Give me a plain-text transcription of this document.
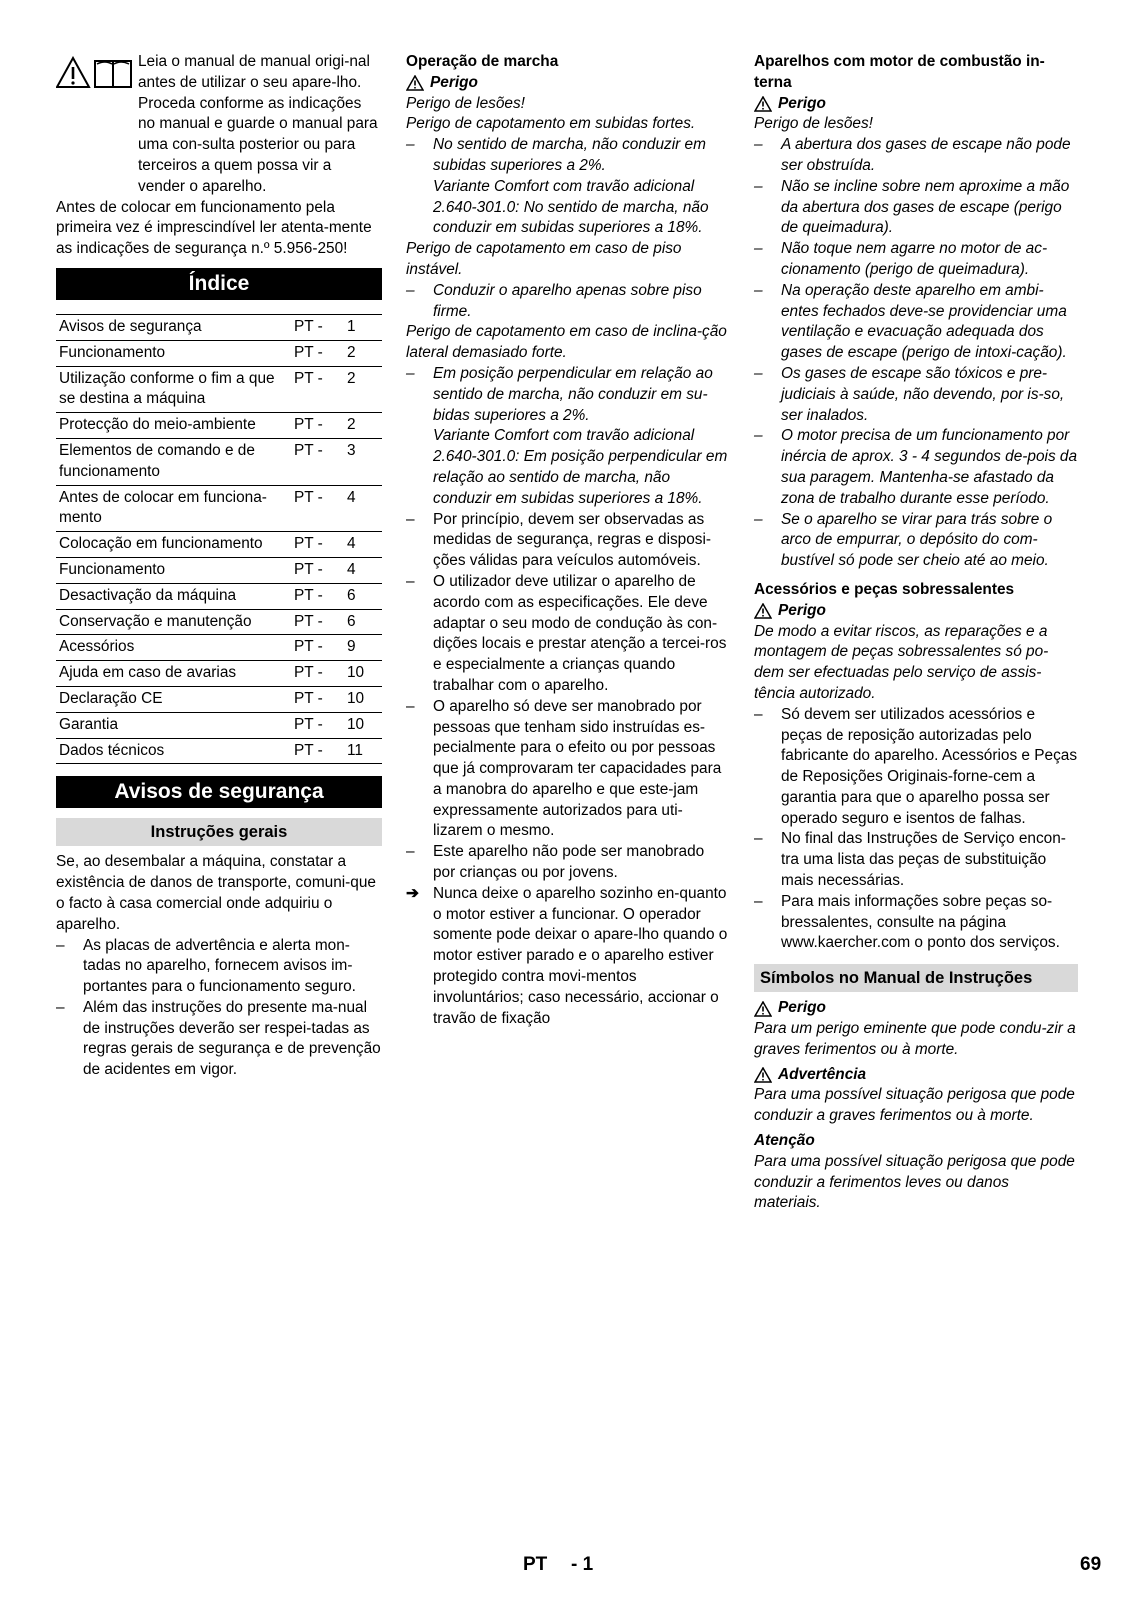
Leia o manual de manual origi-nal antes de utilizar o seu apare-lho. Proceda conforme as indicações no manual e guarde o manual para uma con-sulta posterior ou para terceiros a quem possa vir a vender o aparelho.

Antes de colocar em funcionamento pela primeira vez é imprescindível ler atenta-mente as indicações de segurança n.º 5.956-250!

Índice
Avisos de segurança	PT -	1
Funcionamento	PT -	2
Utilização conforme o fim a que se destina a máquina	PT -	2
Protecção do meio-ambiente	PT -	2
Elementos de comando e de funcionamento	PT -	3
Antes de colocar em funciona-mento	PT -	4
Colocação em funcionamento	PT -	4
Funcionamento	PT -	4
Desactivação da máquina	PT -	6
Conservação e manutenção	PT -	6
Acessórios	PT -	9
Ajuda em caso de avarias	PT -	10
Declaração CE	PT -	10
Garantia	PT -	10
Dados técnicos	PT -	11
Avisos de segurança
Instruções gerais

Se, ao desembalar a máquina, constatar a existência de danos de transporte, comuni-que o facto à casa comercial onde adquiriu o aparelho.

– As placas de advertência e alerta mon-tadas no aparelho, fornecem avisos im-portantes para o funcionamento seguro.

– Além das instruções do presente ma-nual de instruções deverão ser respei-tadas as regras gerais de segurança e de prevenção de acidentes em vigor.

Operação de marcha

Perigo

Perigo de lesões!

Perigo de capotamento em subidas fortes.

– No sentido de marcha, não conduzir em subidas superiores a 2%.

Variante Comfort com travão adicional 2.640-301.0: No sentido de marcha, não conduzir em subidas superiores a 18%.

Perigo de capotamento em caso de piso instável.

– Conduzir o aparelho apenas sobre piso firme.

Perigo de capotamento em caso de inclina-ção lateral demasiado forte.

– Em posição perpendicular em relação ao sentido de marcha, não conduzir em su-bidas superiores a 2%.

Variante Comfort com travão adicional 2.640-301.0: Em posição perpendicular em relação ao sentido de marcha, não conduzir em subidas superiores a 18%.

– Por princípio, devem ser observadas as medidas de segurança, regras e disposi-ções válidas para veículos automóveis.

– O utilizador deve utilizar o aparelho de acordo com as especificações. Ele deve adaptar o seu modo de condução às con-dições locais e prestar atenção a tercei-ros e especialmente a crianças quando trabalhar com o aparelho.

– O aparelho só deve ser manobrado por pessoas que tenham sido instruídas es-pecialmente para o efeito ou por pessoas que já comprovaram ter capacidades para a manobra do aparelho e que este-jam expressamente autorizados para uti-lizarem o mesmo.

– Este aparelho não pode ser manobrado por crianças ou por jovens.

➔ Nunca deixe o aparelho sozinho en-quanto o motor estiver a funcionar. O operador somente pode deixar o apare-lho quando o motor estiver parado e o aparelho estiver protegido contra movi-mentos involuntários; caso necessário, accionar o travão de fixação

Aparelhos com motor de combustão in-terna

Perigo

Perigo de lesões!

– A abertura dos gases de escape não pode ser obstruída.

– Não se incline sobre nem aproxime a mão da abertura dos gases de escape (perigo de queimadura).

– Não toque nem agarre no motor de ac-cionamento (perigo de queimadura).

– Na operação deste aparelho em ambi-entes fechados deve-se providenciar uma ventilação e evacuação adequada dos gases de escape (perigo de intoxi-cação).

– Os gases de escape são tóxicos e pre-judiciais à saúde, não devendo, por is-so, ser inalados.

– O motor precisa de um funcionamento por inércia de aprox. 3 - 4 segundos de-pois da sua paragem. Mantenha-se afastado da zona de trabalho durante esse período.

– Se o aparelho se virar para trás sobre o arco de empurrar, o depósito do com-bustível só pode ser cheio até ao meio.

Acessórios e peças sobressalentes

Perigo

De modo a evitar riscos, as reparações e a montagem de peças sobressalentes só po-dem ser efectuadas pelo serviço de assis-tência autorizado.

– Só devem ser utilizados acessórios e peças de reposição autorizadas pelo fabricante do aparelho. Acessórios e Peças de Reposições Originais-forne-cem a garantia para que o aparelho possa ser operado seguro e isentos de falhas.

– No final das Instruções de Serviço encon-tra uma lista das peças de substituição mais necessárias.

– Para mais informações sobre peças so-bressalentes, consulte na página www.kaercher.com o ponto dos serviços.

Símbolos no Manual de Instruções
Perigo

Para um perigo eminente que pode condu-zir a graves ferimentos ou à morte.

Advertência

Para uma possível situação perigosa que pode conduzir a graves ferimentos ou à morte.

Atenção

Para uma possível situação perigosa que pode conduzir a ferimentos leves ou danos materiais.

PT - 1	69
